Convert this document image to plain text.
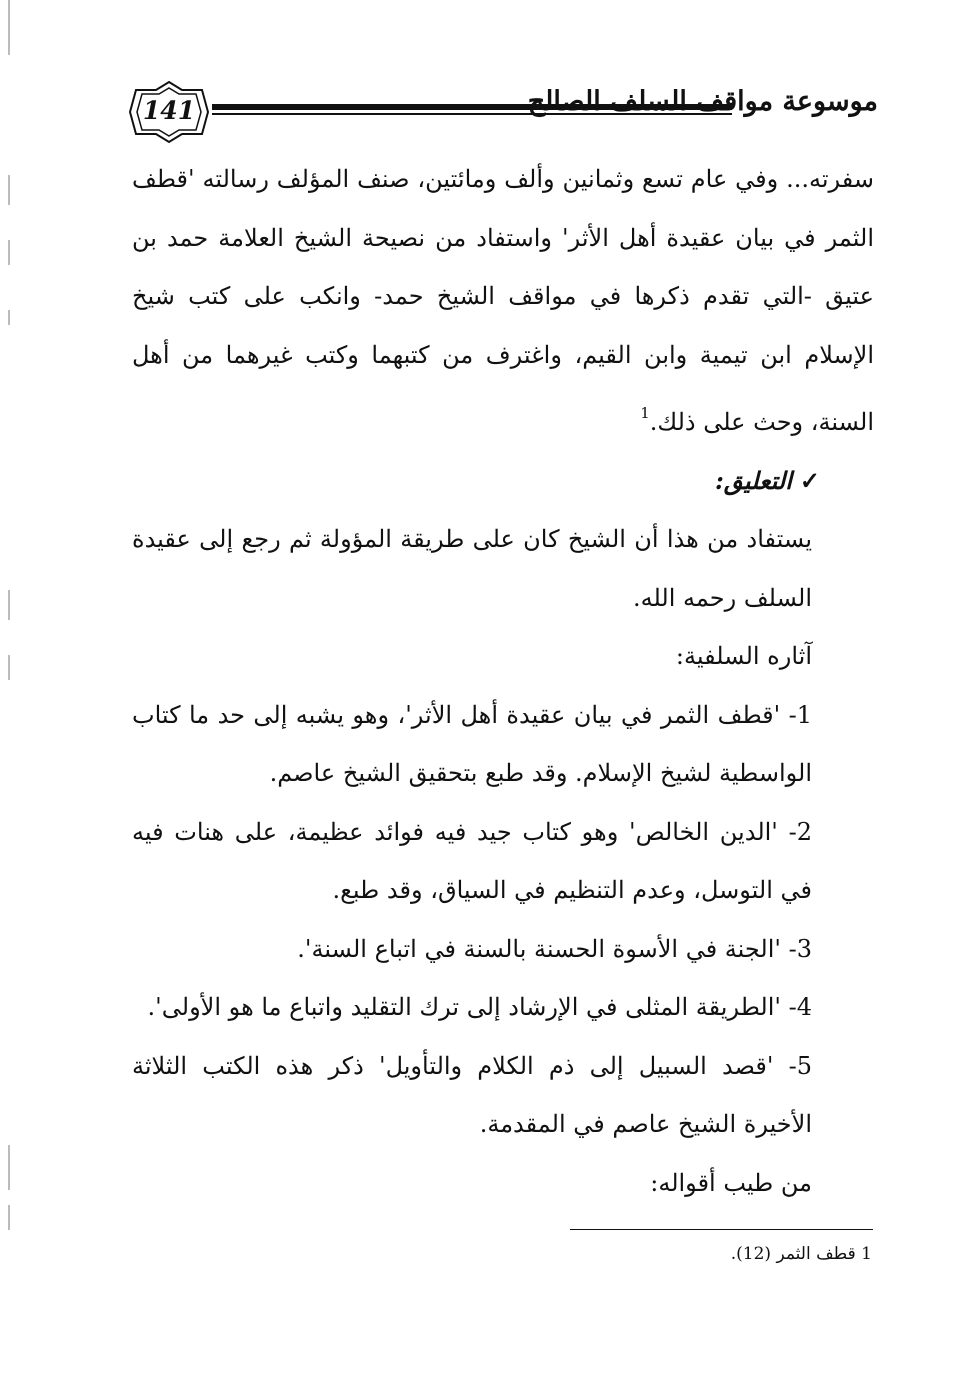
141	موسوعة مواقف السلف الصالح

سفرته... وفي عام تسع وثمانين وألف ومائتين، صنف المؤلف رسالته 'قطف الثمر في بيان عقيدة أهل الأثر' واستفاد من نصيحة الشيخ العلامة حمد بن عتيق -التي تقدم ذكرها في مواقف الشيخ حمد- وانكب على كتب شيخ الإسلام ابن تيمية وابن القيم، واغترف من كتبهما وكتب غيرهما من أهل السنة، وحث على ذلك.$^1$

✓التعليق:

يستفاد من هذا أن الشيخ كان على طريقة المؤولة ثم رجع إلى عقيدة السلف رحمه الله.

آثاره السلفية:

1- 'قطف الثمر في بيان عقيدة أهل الأثر'، وهو يشبه إلى حد ما كتاب الواسطية لشيخ الإسلام. وقد طبع بتحقيق الشيخ عاصم.

2- 'الدين الخالص' وهو كتاب جيد فيه فوائد عظيمة، على هنات فيه في التوسل، وعدم التنظيم في السياق، وقد طبع.

3- 'الجنة في الأسوة الحسنة بالسنة في اتباع السنة'.

4- 'الطريقة المثلى في الإرشاد إلى ترك التقليد واتباع ما هو الأولى'.

5- 'قصد السبيل إلى ذم الكلام والتأويل' ذكر هذه الكتب الثلاثة الأخيرة الشيخ عاصم في المقدمة.

من طيب أقواله:

1 قطف الثمر (12).
